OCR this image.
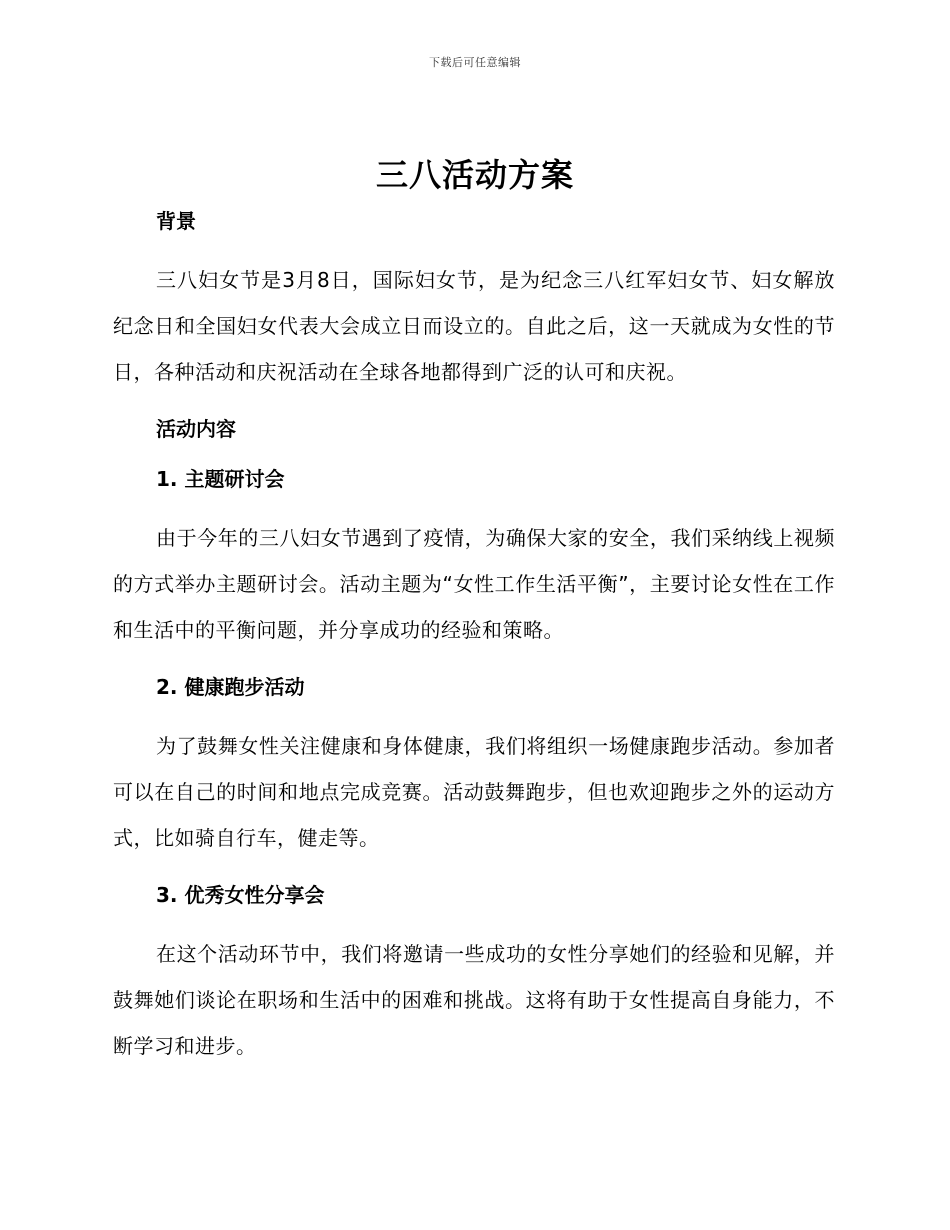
下载后可任意编辑
三八活动方案

背景

三八妇女节是3月8日，国际妇女节，是为纪念三八红军妇女节、妇女解放纪念日和全国妇女代表大会成立日而设立的。自此之后，这一天就成为女性的节日，各种活动和庆祝活动在全球各地都得到广泛的认可和庆祝。

活动内容

1. 主题研讨会

由于今年的三八妇女节遇到了疫情，为确保大家的安全，我们采纳线上视频的方式举办主题研讨会。活动主题为“女性工作生活平衡”，主要讨论女性在工作和生活中的平衡问题，并分享成功的经验和策略。

2. 健康跑步活动

为了鼓舞女性关注健康和身体健康，我们将组织一场健康跑步活动。参加者可以在自己的时间和地点完成竞赛。活动鼓舞跑步，但也欢迎跑步之外的运动方式，比如骑自行车，健走等。

3. 优秀女性分享会

在这个活动环节中，我们将邀请一些成功的女性分享她们的经验和见解，并鼓舞她们谈论在职场和生活中的困难和挑战。这将有助于女性提高自身能力，不断学习和进步。
